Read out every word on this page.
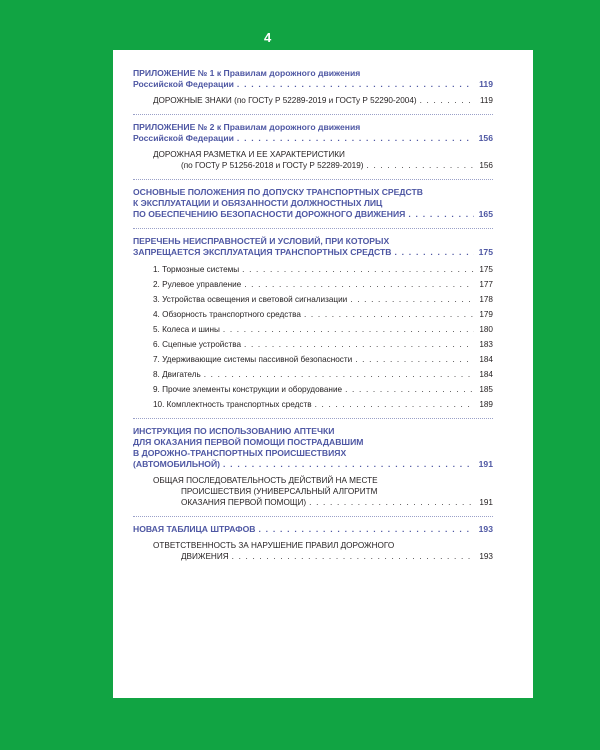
4
ПРИЛОЖЕНИЕ № 1 к Правилам дорожного движения
Российской Федерации . . .	119
ДОРОЖНЫЕ ЗНАКИ (по ГОСТу Р 52289-2019 и ГОСТу Р 52290-2004) . . .	119
ПРИЛОЖЕНИЕ № 2 к Правилам дорожного движения
Российской Федерации . . .	156
ДОРОЖНАЯ РАЗМЕТКА И ЕЕ ХАРАКТЕРИСТИКИ
(по ГОСТу Р 51256-2018 и ГОСТу Р 52289-2019) . . .	156
ОСНОВНЫЕ ПОЛОЖЕНИЯ ПО ДОПУСКУ ТРАНСПОРТНЫХ СРЕДСТВ
К ЭКСПЛУАТАЦИИ И ОБЯЗАННОСТИ ДОЛЖНОСТНЫХ ЛИЦ
ПО ОБЕСПЕЧЕНИЮ БЕЗОПАСНОСТИ ДОРОЖНОГО ДВИЖЕНИЯ . . .	165
ПЕРЕЧЕНЬ НЕИСПРАВНОСТЕЙ И УСЛОВИЙ, ПРИ КОТОРЫХ
ЗАПРЕЩАЕТСЯ ЭКСПЛУАТАЦИЯ ТРАНСПОРТНЫХ СРЕДСТВ . . .	175
1. Тормозные системы . . .	175
2. Рулевое управление . . .	177
3. Устройства освещения и световой сигнализации . . .	178
4. Обзорность транспортного средства . . .	179
5. Колеса и шины . . .	180
6. Сцепные устройства . . .	183
7. Удерживающие системы пассивной безопасности . . .	184
8. Двигатель . . .	184
9. Прочие элементы конструкции и оборудование . . .	185
10. Комплектность транспортных средств . . .	189
ИНСТРУКЦИЯ ПО ИСПОЛЬЗОВАНИЮ АПТЕЧКИ
ДЛЯ ОКАЗАНИЯ ПЕРВОЙ ПОМОЩИ ПОСТРАДАВШИМ
В ДОРОЖНО-ТРАНСПОРТНЫХ ПРОИСШЕСТВИЯХ
(АВТОМОБИЛЬНОЙ) . . .	191
ОБЩАЯ ПОСЛЕДОВАТЕЛЬНОСТЬ ДЕЙСТВИЙ НА МЕСТЕ
ПРОИСШЕСТВИЯ (УНИВЕРСАЛЬНЫЙ АЛГОРИТМ
ОКАЗАНИЯ ПЕРВОЙ ПОМОЩИ) . . .	191
НОВАЯ ТАБЛИЦА ШТРАФОВ . . .	193
ОТВЕТСТВЕННОСТЬ ЗА НАРУШЕНИЕ ПРАВИЛ ДОРОЖНОГО
ДВИЖЕНИЯ . . .	193
